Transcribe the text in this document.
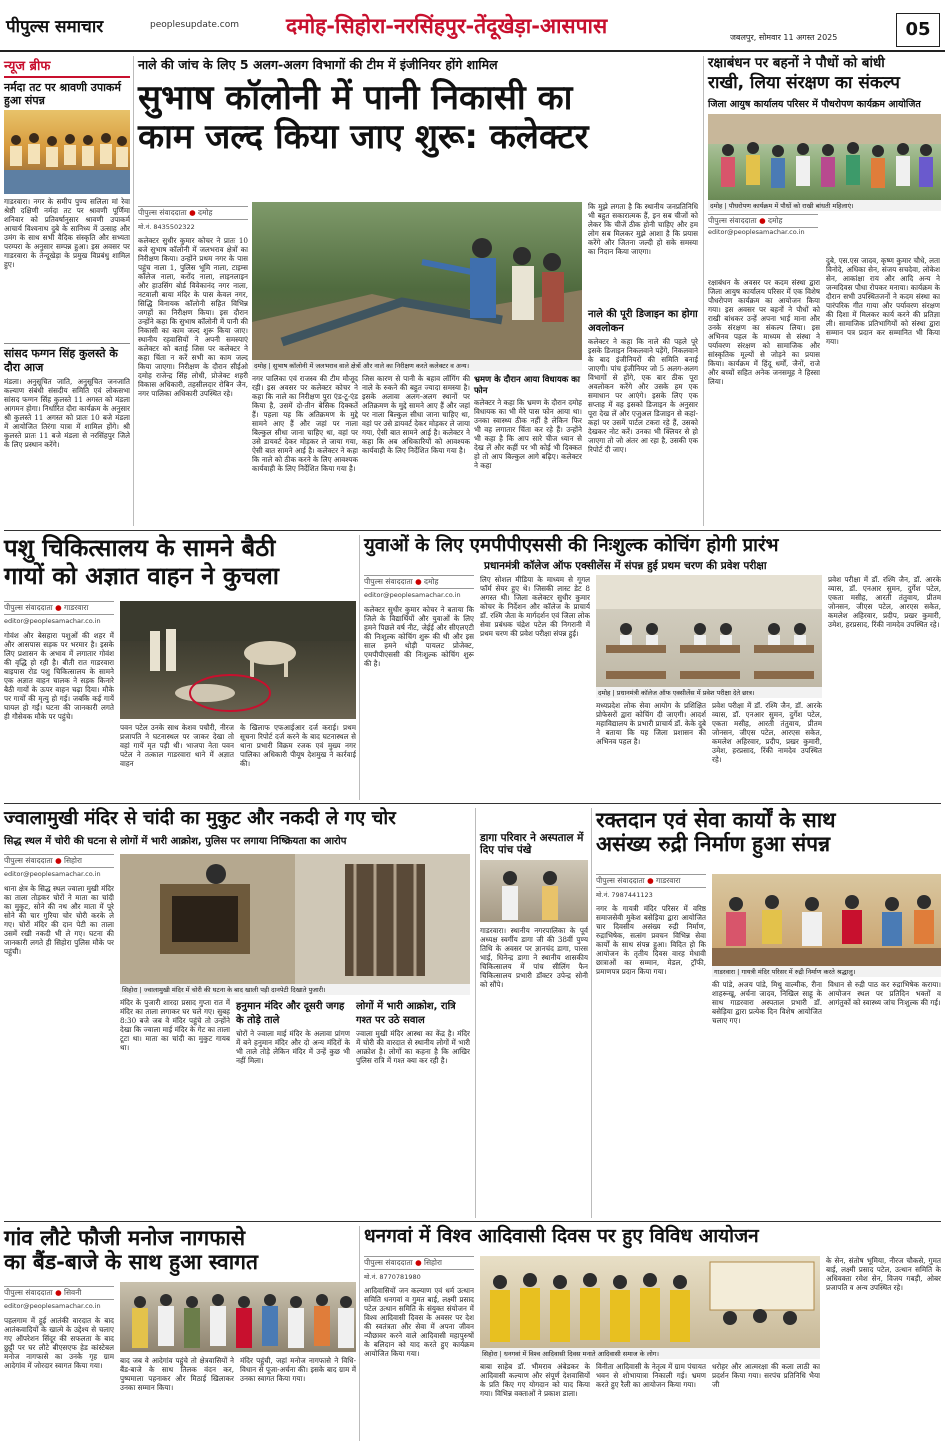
पीपुल्स समाचार	peoplesupdate.com दमोह-सिहोरा-नरसिंहपुर-तेंदूखेड़ा-आसपास	जबलपुर, सोमवार 11 अगस्त 2025	05
न्यूज ब्रीफ
नर्मदा तट पर श्रावणी उपाकर्म हुआ संपन्न
गाडरवारा। नगर के समीप पुण्य सलिला मां रेवा श्रेष्ठी दक्षिणी नर्मदा तट पर श्रावणी पूर्णिमा शनिवार को प्रतिवर्षानुसार श्रावणी उपाकर्म आचार्य विश्वनाथ दुबे के सानिध्य में उत्साह और उमंग के साथ सभी वैदिक संस्कृति और सभ्यता परम्परा के अनुसार सम्पन्न हुआ। इस अवसर पर गाडरवारा के तेन्दूखेड़ा के प्रमुख विप्रबंधु शामिल हुए।
सांसद फग्गन सिंह कुलस्ते के दौरा आज
मंडला। अनुसूचित जाति, अनुसूचित जनजाति कल्याण संबंधी संसदीय समिति एवं लोकसभा सांसद फग्गन सिंह कुलस्ते 11 अगस्त को मंडला आगमन होगा। निर्धारित दौरा कार्यक्रम के अनुसार श्री कुलस्ते 11 अगस्त को प्रातः 10 बजे मंडला में आयोजित तिरंगा यात्रा में शामिल होंगे। श्री कुलस्ते प्रातः 11 बजे मंडला से नरसिंहपुर जिले के लिए प्रस्थान करेंगे।
नाले की जांच के लिए 5 अलग-अलग विभागों की टीम में इंजीनियर होंगे शामिल
सुभाष कॉलोनी में पानी निकासी का
काम जल्द किया जाए शुरू: कलेक्टर
पीपुल्स संवाददाता ● दमोह
मो.नं. 8435502322
दमोह | सुभाष कॉलोनी में जलभराव वाले क्षेत्रों और नाले का निरीक्षण करते कलेक्टर व अन्य।
कलेक्टर सुधीर कुमार कोचर ने प्रातः 10 बजे सुभाष कॉलोनी में जलभराव क्षेत्रों का निरीक्षण किया। उन्होंने प्रथम नगर के पास पहुंच नाला 1, पुलिस भूमि नाला, टाइम्स कॉलेज नाला, करोंद नाला, लाइनलाइन और हाउसिंग बोर्ड विवेकानंद नगर नाला, नटवाली बाया मंदिर के पास केवल नगर, सिद्धि विनायक कॉलोनी सहित विभिन्न जगहों का निरीक्षण किया। इस दौरान उन्होंने कहा कि सुभाष कॉलोनी में पानी की निकासी का काम जल्द शुरू किया जाए। स्थानीय रहवासियों ने अपनी समस्याएं कलेक्टर को बताई जिस पर कलेक्टर ने कहा चिंता न करें सभी का काम जल्द किया जाएगा। निरीक्षण के दौरान सीईओ दमोह राजेन्द्र सिंह लोधी, प्रोजेक्ट शहरी विकास अधिकारी, तहसीलदार रोबिन जैन, नगर पालिका अधिकारी उपस्थित रहे।
नगर पालिका एवं राजस्व की टीम मौजूद रही। इस अवसर पर कलेक्टर कोचर ने कहा कि नाले का निरीक्षण पुरा एंड-टू-एंड किया है, उसमें दो-तीन बेसिक दिक्कतें हैं। पहला यह कि अतिक्रमण के मुद्दे सामने आए हैं और जहां पर नाला बिल्कुल सीधा जाना चाहिए था, वहां पर उसे डायवर्ट देकर मोड़कर ले जाया गया, ऐसी बात सामने आई है। कलेक्टर ने कहा कि नाले को ठीक करने के लिए आवश्यक कार्यवाही के लिए निर्देशित किया गया है।
जिस कारण से पानी के बहाव लॉगिंग की नाले के रुकने की बहुत ज्यादा समस्या है। इसके अलावा अलग-अलग स्थानों पर अतिक्रमण के मुद्दे सामने आए हैं और जहां पर नाला बिल्कुल सीधा जाना चाहिए था, वहां पर उसे डायवर्ट देकर मोड़कर ले जाया गया, ऐसी बात सामने आई है। कलेक्टर ने कहा कि अब अधिकारियों को आवश्यक कार्यवाही के लिए निर्देशित किया गया है।
भ्रमण के दौरान आया विधायक का फोन
कलेक्टर ने कहा कि भ्रमण के दौरान दमोह विधायक का भी मेरे पास फोन आया था। उनका स्वास्थ्य ठीक नहीं है लेकिन फिर भी वह लगातार चिंता कर रहे हैं। उन्होंने भी कहा है कि आप सारे चीज ध्यान से देख लें और कहीं पर भी कोई भी दिक्कत हो तो आप बिल्कुल आगे बढ़िए। कलेक्टर ने कहा
कि मुझे लगता है कि स्थानीय जनप्रतिनिधि भी बहुत सकारात्मक हैं, इन सब चीजों को लेकर कि चीजें ठीक होनी चाहिए और हम लोग सब मिलकर मुझे आशा है कि प्रयास करेंगे और जितना जल्दी हो सके समस्या का निदान किया जाएगा।
नाले की पूरी डिजाइन का होगा अवलोकन
कलेक्टर ने कहा कि नाले की पहले पूरे इसके डिजाइन निकलवाने पड़ेंगे, निकलवाने के बाद इंजीनियरों की समिति बनाई जाएगी। पांच इंजीनियर जो 5 अलग-अलग विभागों से होंगे, एक बार ठीक पूरा अवलोकन करेंगे और उसके हम एक समाधान पर आएंगे। इसके लिए एक सप्ताह में वह इसको डिजाइन के अनुसार पूरा देख लें और एजुअल डिजाइन से कहां-कहां पर उसमें पार्टल टकरा रहे हैं, उसको देखकर नोट करें। उनका भी क्लियर से हो जाएगा तो जो अंतर आ रहा है, उसकी एक रिपोर्ट दी जाए।
रक्षाबंधन पर बहनों ने पौधों को बांधी
राखी, लिया संरक्षण का संकल्प
जिला आयुष कार्यालय परिसर में पौधरोपण कार्यक्रम आयोजित
दमोह | पौधरोपण कार्यक्रम में पौधों को राखी बांधती महिलाएं।
पीपुल्स संवाददाता ● दमोह
editor@peoplesamachar.co.in
रक्षाबंधन के अवसर पर कदम संस्था द्वारा जिला आयुष कार्यालय परिसर में एक विशेष पौधरोपण कार्यक्रम का आयोजन किया गया। इस अवसर पर बहनों ने पौधों को राखी बांधकर उन्हें अपना भाई माना और उनके संरक्षण का संकल्प लिया। इस अभिनव पहल के माध्यम से संस्था ने पर्यावरण संरक्षण को सामाजिक और सांस्कृतिक मूल्यों से जोड़ने का प्रयास किया। कार्यक्रम में हिंदू धर्मों, जैनों, राजे और बच्चों सहित अनेक जनसमूह ने हिस्सा लिया।
दुबे, एस.एस जादव, कृष्ण कुमार चौधे, लता विनोदे, अधिका सेन, संजय सचदेवा, लोकेश सेन, आकांक्षा राय और आदि अन्य ने जन्मदिवस पौधा रोपकर मनाया। कार्यक्रम के दौरान सभी उपस्थितजनों ने कदम संस्था का पारंपरिक गीत गाया और पर्यावरण संरक्षण की दिशा में मिलकर कार्य करने की प्रतिज्ञा ली। सामाजिक प्रतिभागियों को संस्था द्वारा सम्मान पत्र प्रदान कर सम्मानित भी किया गया।
पशु चिकित्सालय के सामने बैठी
गायों को अज्ञात वाहन ने कुचला
पीपुल्स संवाददाता ● गाडरवारा
editor@peoplesamachar.co.in
गोवंश और बेसहारा पशुओं की शहर में और आसपास सड़क पर भरमार है। इसके लिए प्रशासन के अभाव में लगातार गोवंश की वृद्धि हो रही है। बीती रात गाडरवारा बाइपास रोड पशु चिकित्सालय के सामने एक अज्ञात वाहन चालक ने सड़क किनारे बैठी गायों के ऊपर वाहन चढ़ा दिया। मौके पर गायों की मृत्यु हो गई। जबकि कई गायें घायल हो गईं। घटना की जानकारी लगते ही गौसेवक मौके पर पहुंचे।
पवन पटेल उनके साथ केशव पचौरी, नीरज प्रजापति ने घटनास्थल पर जाकर देखा तो वहां गायें मृत पड़ी थी। भाजपा नेता पवन पटेल ने तत्काल गाडरवारा थाने में अज्ञात वाहन
के खिलाफ एफआईआर दर्ज कराई। प्रथम सूचना रिपोर्ट दर्ज करने के बाद घटनास्थल से थाना प्रभारी विक्रम रजक एवं मुख्य नगर पालिका अधिकारी पीयूष देशमुख ने कार्रवाई की।
युवाओं के लिए एमपीपीएससी की निःशुल्क कोचिंग होगी प्रारंभ
प्रधानमंत्री कॉलेज ऑफ एक्सीलेंस में संपन्न हुई प्रथम चरण की प्रवेश परीक्षा
पीपुल्स संवाददाता ● दमोह
editor@peoplesamachar.co.in
कलेक्टर सुधीर कुमार कोचर ने बताया कि जिले के विद्यार्थियों और युवाओं के लिए हमने पिछले वर्ष नीट, जेईई और सीएलएटी की निःशुल्क कोचिंग शुरू की थी और इस साल हमने थोड़ी पायलट प्रोजेक्ट, एमपीपीएससी की निःशुल्क कोचिंग शुरू की है।
लिए सोशल मीडिया के माध्यम से गूगल फॉर्म सेयर हुए थे। जिसकी लास्ट डेट 8 अगस्त थी। जिला कलेक्टर सुधीर कुमार कोचर के निर्देशन और कॉलेज के प्राचार्य डॉ. रश्मि जैता के मार्गदर्शन एवं जिला लोक सेवा प्रबंधक चंद्रेश पटेल की निगरानी में प्रथम चरण की प्रवेश परीक्षा संपन्न हुई।
दमोह | प्रधानमंत्री कॉलेज ऑफ एक्सीलेंस में प्रवेश परीक्षा देते छात्र।
मध्यप्रदेश लोक सेवा आयोग के प्रशिक्षित प्रोफेसरों द्वारा कोचिंग दी जाएगी। आदर्श महाविद्यालय के प्रभारी प्राचार्य डॉ. केके दुबे ने बताया कि यह जिला प्रशासन की अभिनव पहल है।
प्रवेश परीक्षा में डॉ. रश्मि जैन, डॉ. आरके व्यास, डॉ. एनआर सुमन, दुर्गेश पटेल, एकता मसीह, आरती तंतुवाय, प्रीतम जोनसन, जीएस पटेल, आरएस सकेत, कमलेश अहिरवार, प्रदीप, प्रखर कुमारी, उमेश, हरप्रसाद, रिंकी नामदेव उपस्थित रहे।
प्रवेश परीक्षा में डॉ. रश्मि जैन, डॉ. आरके व्यास, डॉ. एनआर सुमन, दुर्गेश पटेल, एकता मसीह, आरती तंतुवाय, प्रीतम जोनसन, जीएस पटेल, आरएस सकेत, कमलेश अहिरवार, प्रदीप, प्रखर कुमारी, उमेश, हरप्रसाद, रिंकी नामदेव उपस्थित रहे।
ज्वालामुखी मंदिर से चांदी का मुकुट और नकदी ले गए चोर
सिद्ध स्थल में चोरी की घटना से लोगों में भारी आक्रोश, पुलिस पर लगाया निष्क्रियता का आरोप
पीपुल्स संवाददाता ● सिहोरा
editor@peoplesamachar.co.in
थाना क्षेत्र के सिद्ध स्थल ज्वाला मुखी मंदिर का ताला तोड़कर चोरों ने माता का चांदी का मुकुट, सोने की नथ और माता में पूरे सोने की चार गुरिया चोर चोरी करके ले गए। चोरों मंदिर की दान पेटी का ताला उसमें रखी नकदी भी ले गए। घटना की जानकारी लगते ही सिहोरा पुलिस मौके पर पहुंची।
सिहोरा | ज्वालामुखी मंदिर में चोरी की घटना के बाद खाली पड़ी दानपेटी दिखाते पुजारी।
मंदिर के पुजारी शारदा प्रसाद गुप्ता रात में मंदिर का ताला लगाकर घर चले गए। सुबह 8:30 बजे जब वे मंदिर पहुंचे तो उन्होंने देखा कि ज्वाला माई मंदिर के गेट का ताला टूटा था। माता का चांदी का मुकुट गायब था।
हनुमान मंदिर और दूसरी जगह के तोड़े ताले
चोरों ने ज्वाला माई मंदिर के अलावा प्रांगण में बने हनुमान मंदिर और दो अन्य मंदिरों के भी ताले तोड़े लेकिन मंदिर में उन्हें कुछ भी नहीं मिला।
लोगों में भारी आक्रोश, रात्रि गश्त पर उठे सवाल
ज्वाला मुखी मंदिर आस्था का केंद्र है। मंदिर में चोरी की वारदात से स्थानीय लोगों में भारी आक्रोश है। लोगों का कहना है कि आखिर पुलिस रात्रि में गश्त क्या कर रही है।
डागा परिवार ने अस्पताल में दिए पांच पंखे
गाडरवारा। स्थानीय नगरपालिका के पूर्व अध्यक्ष स्वर्गीय डागा जी की 38वीं पुण्य तिथि के अवसर पर ज्ञानचंद डागा, पारस भाई, धिनेन्द्र डागा ने स्थानीय शासकीय चिकित्सालय में पांच सीलिंग फैन चिकित्सालय प्रभारी डॉक्टर उपेन्द्र सोनी को सौंपे।
रक्तदान एवं सेवा कार्यों के साथ
असंख्य रुद्री निर्माण हुआ संपन्न
पीपुल्स संवाददाता ● गाडरवारा
मो.नं. 7987441123
नगर के गायत्री मंदिर परिसर में वरिष्ठ समाजसेवी मुकेश बसेड़िया द्वारा आयोजित चार दिवसीय असंख्य रुद्री निर्माण, रुद्राभिषेक, सत्संग प्रवचन विभिन्न सेवा कार्यों के साथ संपन्न हुआ। विदित हो कि आयोजन के तृतीय दिवस वारह मेधावी छात्राओं का सम्मान, मेडल, ट्रॉफी, प्रमाणपत्र प्रदान किया गया।	गाडरवारा | गायत्री मंदिर परिसर में रुद्री निर्माण करते श्रद्धालु।
की पांडे, अजय पांडे, मिथु वाल्मीक, रीना शाहरूखू, अर्चना जादव, निखिल साहू के साथ गाडरवारा अस्पताल प्रभारी डॉ. बसेड़िया द्वारा प्रत्येक दिन विशेष आयोजित चलाए गए।
विधान से रुद्री पाठ कर रुद्राभिषेक कराया। आयोजन स्थल पर प्रतिदिन भक्तों व आगंतुकों को स्वास्थ्य जांच निःशुल्क की गई।
गांव लौटे फौजी मनोज नागफासे
का बैंड-बाजे के साथ हुआ स्वागत
पीपुल्स संवाददाता ● सिवनी
editor@peoplesamachar.co.in
पहलगाम में हुई आतंकी वारदात के बाद आतंकवादियों के खात्मे के उद्देश्य से चलाए गए ऑपरेशन सिंदूर की सफलता के बाद छुट्टी पर घर लौटे बीएसएफ हेड कांस्टेबल मनोज नागफासे का उनके गृह ग्राम आदेगांव में जोरदार स्वागत किया गया।
बाद जब वे आदेगांव पहुंचे तो क्षेत्रवासियों ने बैंड-बाजे के साथ तिलक वंदन कर, पुष्पमाला पहनाकर और मिठाई खिलाकर उनका सम्मान किया।
मंदिर पहुंची, जहां मनोज नागफासे ने विधि-विधान से पूजा-अर्चना की। इसके बाद ग्राम में उनका स्वागत किया गया।
धनगवां में विश्व आदिवासी दिवस पर हुए विविध आयोजन
पीपुल्स संवाददाता ● सिहोरा
मो.नं. 8770781980
आदिवासियों जन कल्याण एवं धर्म उत्थान समिति धनगवां व गुमत बाई, लक्ष्मी प्रसाद पटेल उत्थान समिति के संयुक्त संयोजन में विश्व आदिवासी दिवस के अवसर पर देश की स्वतंत्रता और सेवा में अपना जीवन न्यौछावर करने वाले आदिवासी महापुरुषों के बलिदान को याद करते हुए कार्यक्रम आयोजित किया गया।	सिहोरा | धनगवां में विश्व आदिवासी दिवस मनाते आदिवासी समाज के लोग।
बाबा साहेब डॉ. भीमराव अंबेडकर के आदिवासी कल्याण और संपूर्ण देशवासियों के प्रति किए गए योगदान को याद किया गया। विभिन्न वक्ताओं ने प्रकाश डाला।
विनीता आदिवासी के नेतृत्व में ग्राम पंचायत भवन से शोभायात्रा निकाली गई। भ्रमण करते हुए रैली का आयोजन किया गया।
धरोहर और आत्मरक्षा की कला लाठी का प्रदर्शन किया गया। सरपंच प्रतिनिधि भैया जी
के सेन, संतोष भूमिया, नीरज चौकसे, गुमत बाई, लक्ष्मी प्रसाद पटेल, उत्थान समिति के अधिवक्ता रमेश सेन, विजय गबड़ी, ओबर प्रजापति व अन्य उपस्थित रहे।
